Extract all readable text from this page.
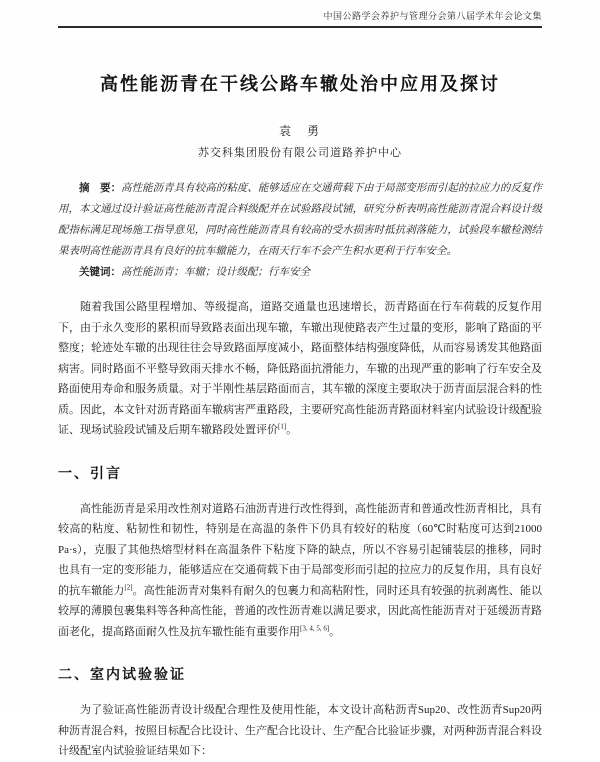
中国公路学会养护与管理分会第八届学术年会论文集
高性能沥青在干线公路车辙处治中应用及探讨
袁　勇
苏交科集团股份有限公司道路养护中心

摘　要：高性能沥青具有较高的粘度、能够适应在交通荷载下由于局部变形而引起的拉应力的反复作用，本文通过设计验证高性能沥青混合料级配并在试验路段试铺，研究分析表明高性能沥青混合料设计级配指标满足现场施工指导意见，同时高性能沥青具有较高的受水损害时抵抗剥落能力，试验段车辙检测结果表明高性能沥青具有良好的抗车辙能力，在雨天行车不会产生积水更利于行车安全。

关键词：高性能沥青；车辙；设计级配；行车安全

随着我国公路里程增加、等级提高，道路交通量也迅速增长，沥青路面在行车荷载的反复作用下，由于永久变形的累积而导致路表面出现车辙，车辙出现使路表产生过量的变形，影响了路面的平整度；轮迹处车辙的出现往往会导致路面厚度减小，路面整体结构强度降低，从而容易诱发其他路面病害。同时路面不平整导致雨天排水不畅，降低路面抗滑能力，车辙的出现严重的影响了行车安全及路面使用寿命和服务质量。对于半刚性基层路面而言，其车辙的深度主要取决于沥青面层混合料的性质。因此，本文针对沥青路面车辙病害严重路段，主要研究高性能沥青路面材料室内试验设计级配验证、现场试验段试铺及后期车辙路段处置评价[1]。

一、引言

高性能沥青是采用改性剂对道路石油沥青进行改性得到，高性能沥青和普通改性沥青相比，具有较高的粘度、粘韧性和韧性，特别是在高温的条件下仍具有较好的粘度（60℃时粘度可达到21000 Pa·s），克服了其他热熔型材料在高温条件下粘度下降的缺点，所以不容易引起铺装层的推移，同时也具有一定的变形能力，能够适应在交通荷载下由于局部变形而引起的拉应力的反复作用，具有良好的抗车辙能力[2]。高性能沥青对集料有耐久的包裹力和高粘附性，同时还具有较强的抗剥离性、能以较厚的薄膜包裹集料等各种高性能，普通的改性沥青难以满足要求，因此高性能沥青对于延缓沥青路面老化，提高路面耐久性及抗车辙性能有重要作用[3, 4, 5, 6]。

二、室内试验验证

为了验证高性能沥青设计级配合理性及使用性能，本文设计高粘沥青Sup20、改性沥青Sup20两种沥青混合料，按照目标配合比设计、生产配合比设计、生产配合比验证步骤，对两种沥青混合料设计级配室内试验验证结果如下：
